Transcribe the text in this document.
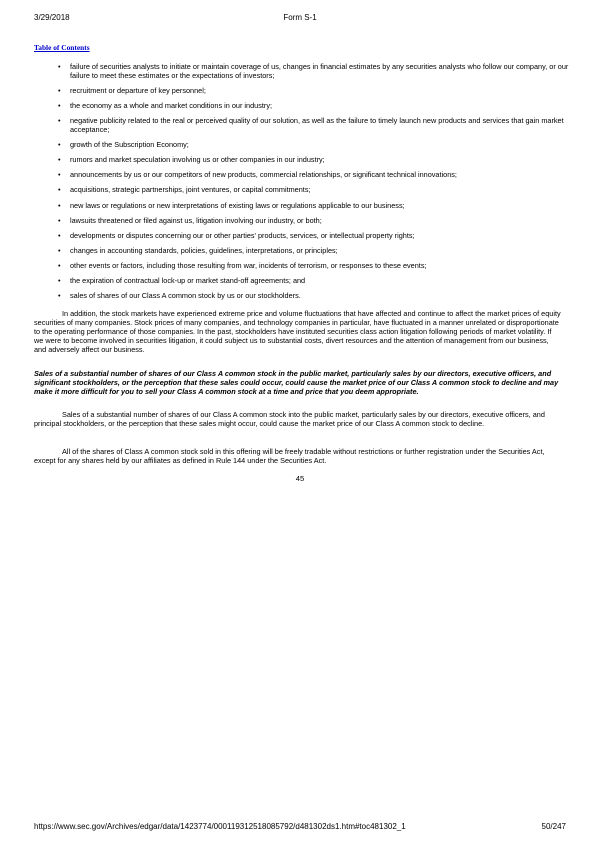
3/29/2018	Form S-1
Table of Contents
• failure of securities analysts to initiate or maintain coverage of us, changes in financial estimates by any securities analysts who follow our company, or our failure to meet these estimates or the expectations of investors;
• recruitment or departure of key personnel;
• the economy as a whole and market conditions in our industry;
• negative publicity related to the real or perceived quality of our solution, as well as the failure to timely launch new products and services that gain market acceptance;
• growth of the Subscription Economy;
• rumors and market speculation involving us or other companies in our industry;
• announcements by us or our competitors of new products, commercial relationships, or significant technical innovations;
• acquisitions, strategic partnerships, joint ventures, or capital commitments;
• new laws or regulations or new interpretations of existing laws or regulations applicable to our business;
• lawsuits threatened or filed against us, litigation involving our industry, or both;
• developments or disputes concerning our or other parties' products, services, or intellectual property rights;
• changes in accounting standards, policies, guidelines, interpretations, or principles;
• other events or factors, including those resulting from war, incidents of terrorism, or responses to these events;
• the expiration of contractual lock-up or market stand-off agreements; and
• sales of shares of our Class A common stock by us or our stockholders.

In addition, the stock markets have experienced extreme price and volume fluctuations that have affected and continue to affect the market prices of equity securities of many companies. Stock prices of many companies, and technology companies in particular, have fluctuated in a manner unrelated or disproportionate to the operating performance of those companies. In the past, stockholders have instituted securities class action litigation following periods of market volatility. If we were to become involved in securities litigation, it could subject us to substantial costs, divert resources and the attention of management from our business, and adversely affect our business.

Sales of a substantial number of shares of our Class A common stock in the public market, particularly sales by our directors, executive officers, and significant stockholders, or the perception that these sales could occur, could cause the market price of our Class A common stock to decline and may make it more difficult for you to sell your Class A common stock at a time and price that you deem appropriate.

Sales of a substantial number of shares of our Class A common stock into the public market, particularly sales by our directors, executive officers, and principal stockholders, or the perception that these sales might occur, could cause the market price of our Class A common stock to decline.

All of the shares of Class A common stock sold in this offering will be freely tradable without restrictions or further registration under the Securities Act, except for any shares held by our affiliates as defined in Rule 144 under the Securities Act.

45
https://www.sec.gov/Archives/edgar/data/1423774/000119312518085792/d481302ds1.htm#toc481302_1	50/247
